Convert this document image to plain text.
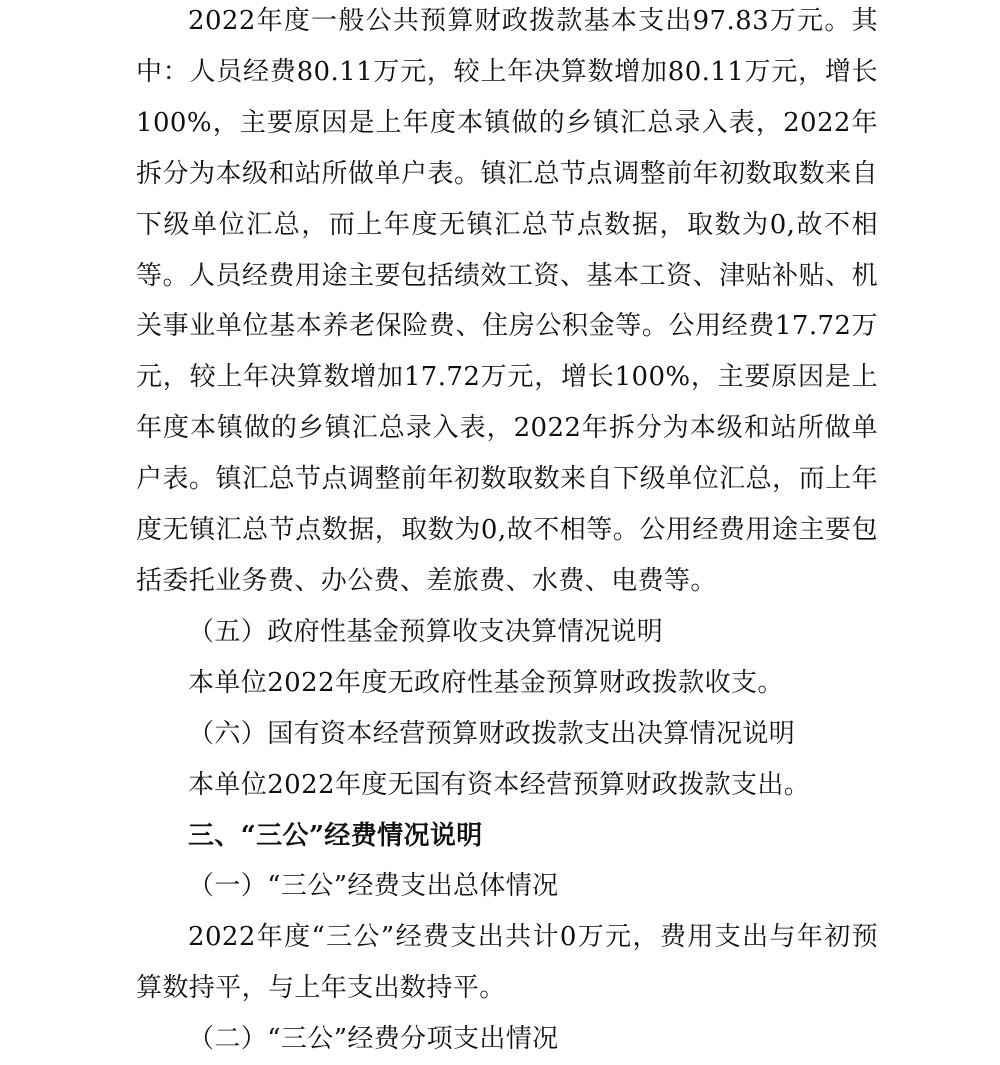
2022年度一般公共预算财政拨款基本支出97.83万元。其中：人员经费80.11万元，较上年决算数增加80.11万元，增长100%，主要原因是上年度本镇做的乡镇汇总录入表，2022年拆分为本级和站所做单户表。镇汇总节点调整前年初数取数来自下级单位汇总，而上年度无镇汇总节点数据，取数为0,故不相等。人员经费用途主要包括绩效工资、基本工资、津贴补贴、机关事业单位基本养老保险费、住房公积金等。公用经费17.72万元，较上年决算数增加17.72万元，增长100%，主要原因是上年度本镇做的乡镇汇总录入表，2022年拆分为本级和站所做单户表。镇汇总节点调整前年初数取数来自下级单位汇总，而上年度无镇汇总节点数据，取数为0,故不相等。公用经费用途主要包括委托业务费、办公费、差旅费、水费、电费等。

（五）政府性基金预算收支决算情况说明

本单位2022年度无政府性基金预算财政拨款收支。

（六）国有资本经营预算财政拨款支出决算情况说明

本单位2022年度无国有资本经营预算财政拨款支出。

三、“三公”经费情况说明

（一）“三公”经费支出总体情况

2022年度“三公”经费支出共计0万元，费用支出与年初预算数持平，与上年支出数持平。

（二）“三公”经费分项支出情况
